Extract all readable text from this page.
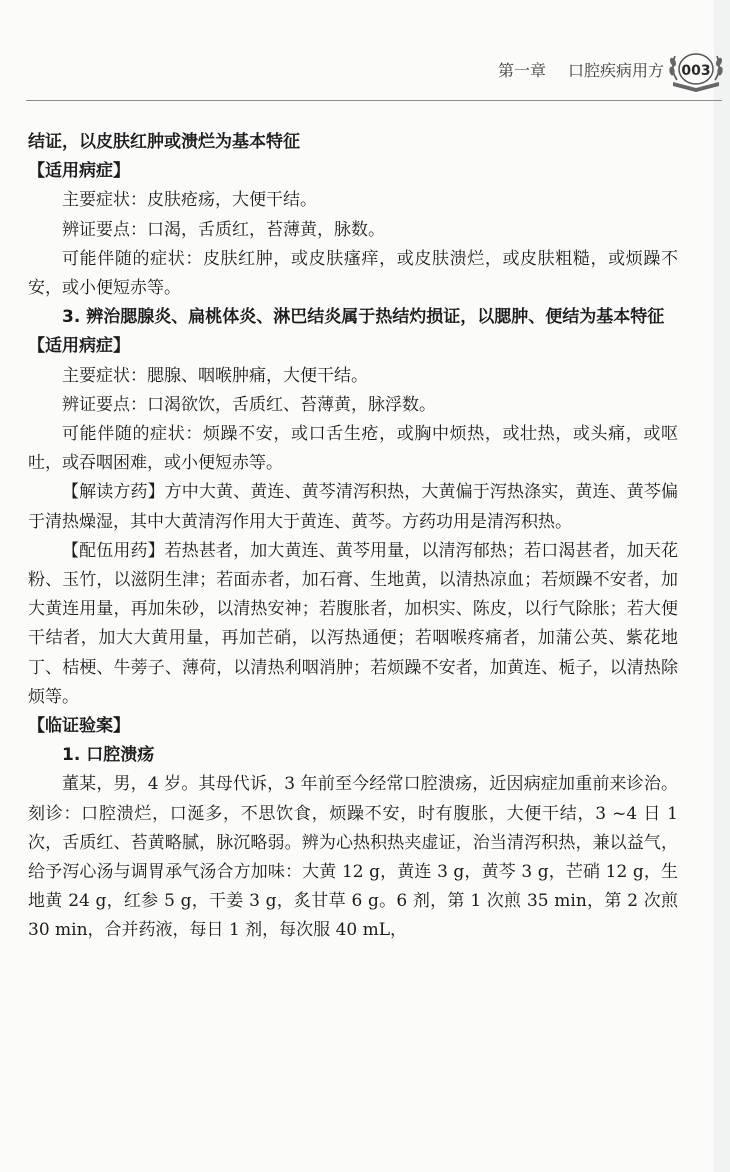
第一章 口腔疾病用方 003

结证，以皮肤红肿或溃烂为基本特征

【适用病症】

主要症状：皮肤疮疡，大便干结。

辨证要点：口渴，舌质红，苔薄黄，脉数。

可能伴随的症状：皮肤红肿，或皮肤瘙痒，或皮肤溃烂，或皮肤粗糙，或烦躁不安，或小便短赤等。

3. 辨治腮腺炎、扁桃体炎、淋巴结炎属于热结灼损证，以腮肿、便结为基本特征

【适用病症】

主要症状：腮腺、咽喉肿痛，大便干结。

辨证要点：口渴欲饮，舌质红、苔薄黄，脉浮数。

可能伴随的症状：烦躁不安，或口舌生疮，或胸中烦热，或壮热，或头痛，或呕吐，或吞咽困难，或小便短赤等。

【解读方药】方中大黄、黄连、黄芩清泻积热，大黄偏于泻热涤实，黄连、黄芩偏于清热燥湿，其中大黄清泻作用大于黄连、黄芩。方药功用是清泻积热。

【配伍用药】若热甚者，加大黄连、黄芩用量，以清泻郁热；若口渴甚者，加天花粉、玉竹，以滋阴生津；若面赤者，加石膏、生地黄，以清热凉血；若烦躁不安者，加大黄连用量，再加朱砂，以清热安神；若腹胀者，加枳实、陈皮，以行气除胀；若大便干结者，加大大黄用量，再加芒硝，以泻热通便；若咽喉疼痛者，加蒲公英、紫花地丁、桔梗、牛蒡子、薄荷，以清热利咽消肿；若烦躁不安者，加黄连、栀子，以清热除烦等。

【临证验案】

1. 口腔溃疡

董某，男，4 岁。其母代诉，3 年前至今经常口腔溃疡，近因病症加重前来诊治。刻诊：口腔溃烂，口涎多，不思饮食，烦躁不安，时有腹胀，大便干结，3 ~4 日 1 次，舌质红、苔黄略腻，脉沉略弱。辨为心热积热夹虚证，治当清泻积热，兼以益气，给予泻心汤与调胃承气汤合方加味：大黄 12 g，黄连 3 g，黄芩 3 g，芒硝 12 g，生地黄 24 g，红参 5 g，干姜 3 g，炙甘草 6 g。6 剂，第 1 次煎 35 min，第 2 次煎 30 min，合并药液，每日 1 剂，每次服 40 mL，
